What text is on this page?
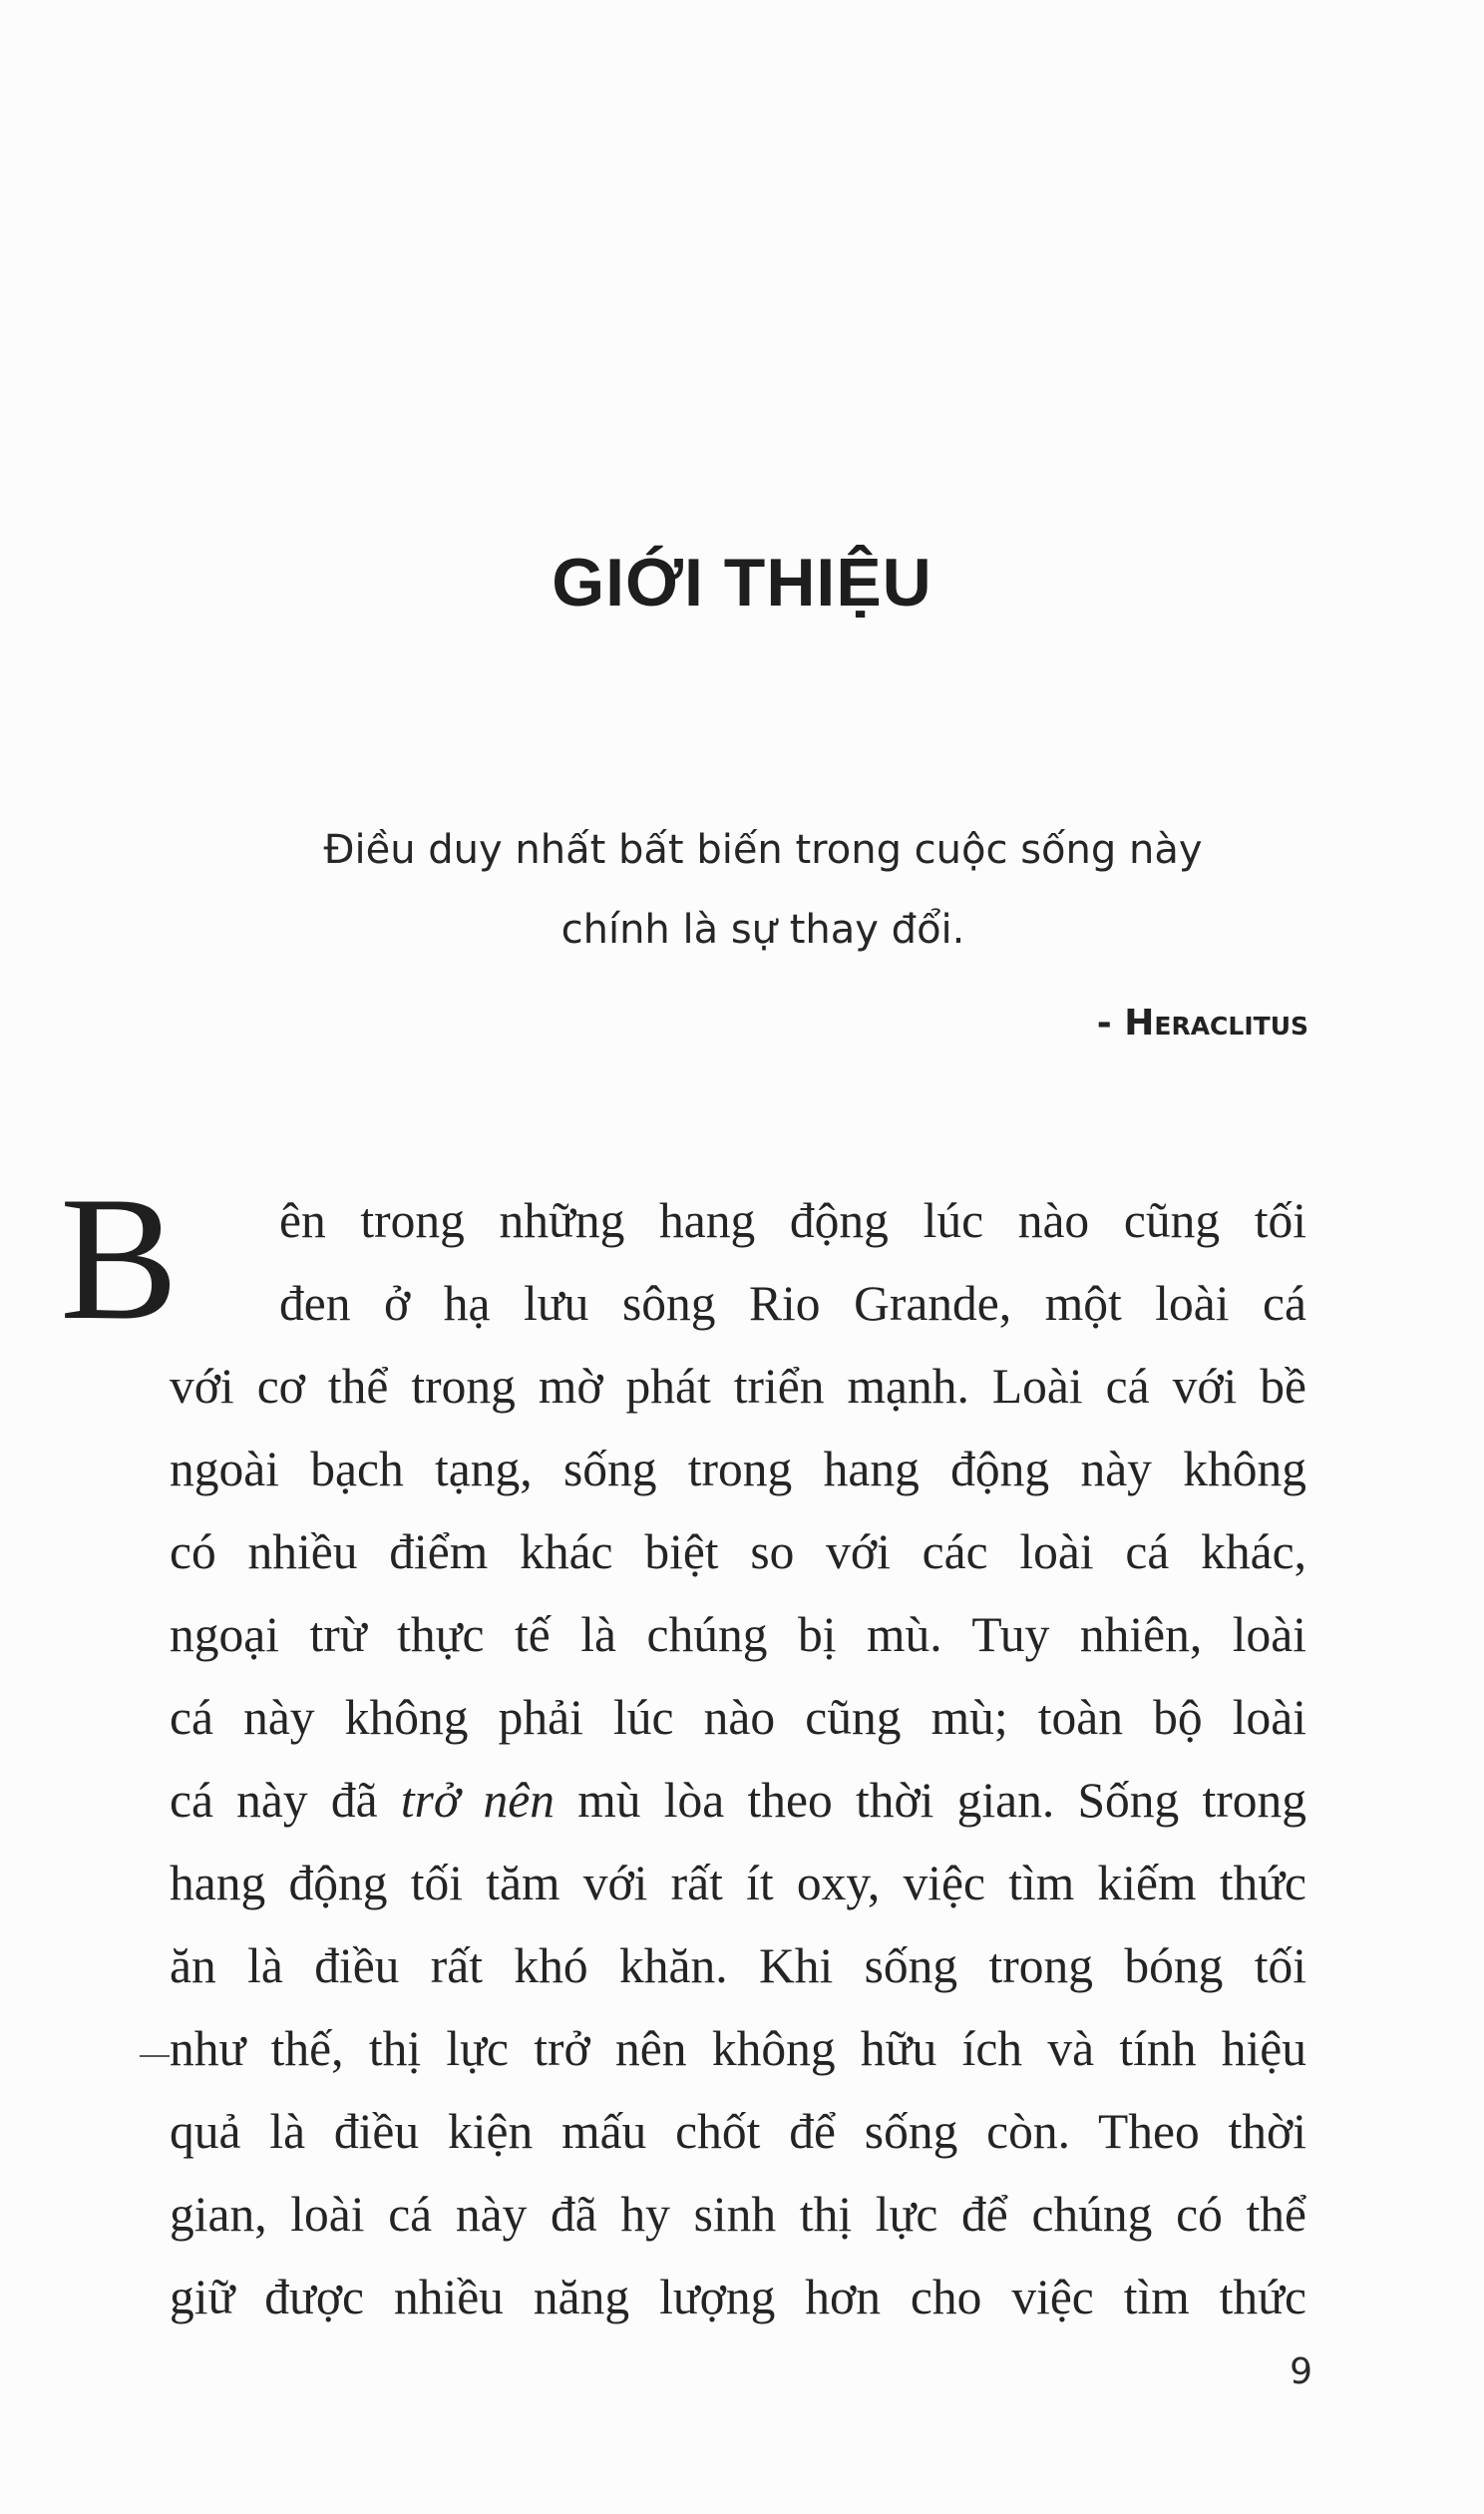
GIỚI THIỆU
Điều duy nhất bất biến trong cuộc sống này
chính là sự thay đổi.
- Heraclitus
B	ên trong những hang động lúc nào cũng tối
đen ở hạ lưu sông Rio Grande, một loài cá
với cơ thể trong mờ phát triển mạnh. Loài cá với bề
ngoài bạch tạng, sống trong hang động này không
có nhiều điểm khác biệt so với các loài cá khác,
ngoại trừ thực tế là chúng bị mù. Tuy nhiên, loài
cá này không phải lúc nào cũng mù; toàn bộ loài
cá này đã trở nên mù lòa theo thời gian. Sống trong
hang động tối tăm với rất ít oxy, việc tìm kiếm thức
ăn là điều rất khó khăn. Khi sống trong bóng tối
như thế, thị lực trở nên không hữu ích và tính hiệu
quả là điều kiện mấu chốt để sống còn. Theo thời
gian, loài cá này đã hy sinh thị lực để chúng có thể
giữ được nhiều năng lượng hơn cho việc tìm thức
9
